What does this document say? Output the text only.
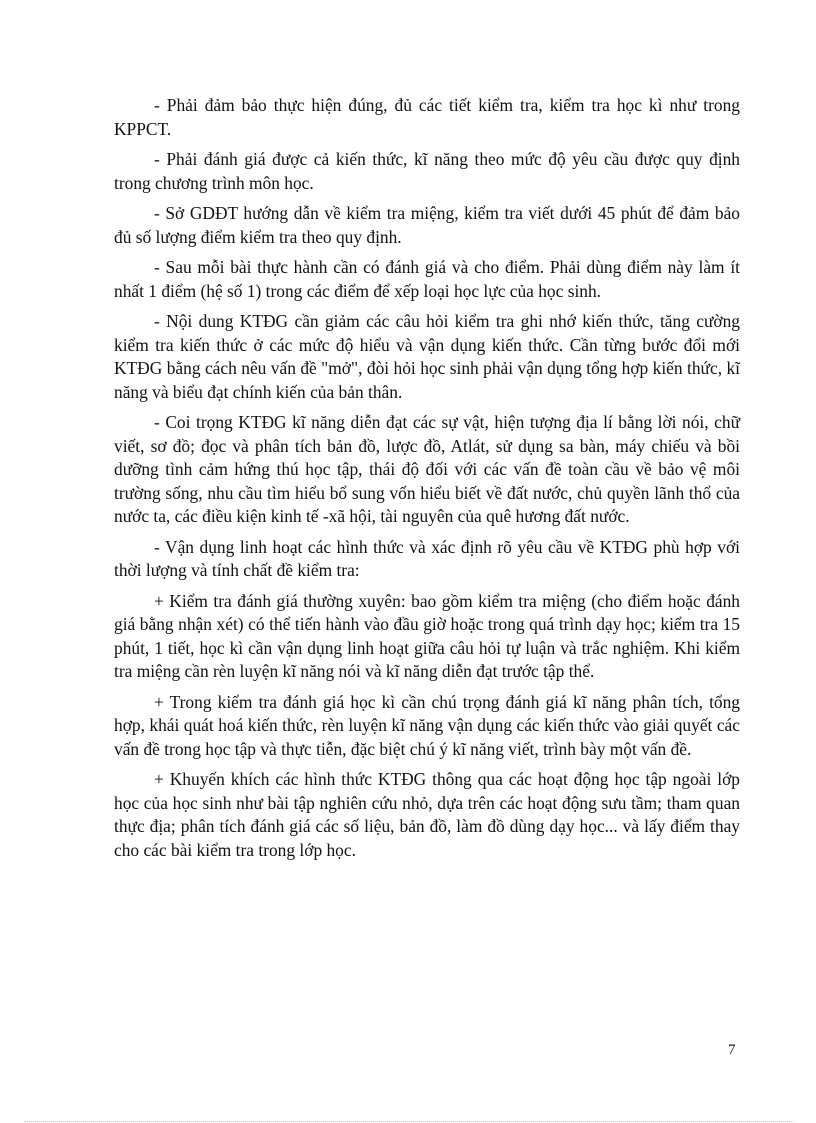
- Phải đảm bảo thực hiện đúng, đủ các tiết kiểm tra, kiểm tra học kì như trong KPPCT.

- Phải đánh giá được cả kiến thức, kĩ năng theo mức độ yêu cầu được quy định trong chương trình môn học.

- Sở GDĐT hướng dẫn về kiểm tra miệng, kiểm tra viết dưới 45 phút để đảm bảo đủ số lượng điểm kiểm tra theo quy định.

- Sau mỗi bài thực hành cần có đánh giá và cho điểm. Phải dùng điểm này làm ít nhất 1 điểm (hệ số 1) trong các điểm để xếp loại học lực của học sinh.

- Nội dung KTĐG cần giảm các câu hỏi kiểm tra ghi nhớ kiến thức, tăng cường kiểm tra kiến thức ở các mức độ hiểu và vận dụng kiến thức. Cần từng bước đổi mới KTĐG bằng cách nêu vấn đề "mở", đòi hỏi học sinh phải vận dụng tổng hợp kiến thức, kĩ năng và biểu đạt chính kiến của bản thân.

- Coi trọng KTĐG kĩ năng diễn đạt các sự vật, hiện tượng địa lí bằng lời nói, chữ viết, sơ đồ; đọc và phân tích bản đồ, lược đồ, Atlát, sử dụng sa bàn, máy chiếu và bồi dưỡng tình cảm hứng thú học tập, thái độ đối với các vấn đề toàn cầu về bảo vệ môi trường sống, nhu cầu tìm hiểu bổ sung vốn hiểu biết về đất nước, chủ quyền lãnh thổ của nước ta, các điều kiện kinh tế -xã hội, tài nguyên của quê hương đất nước.

- Vận dụng linh hoạt các hình thức và xác định rõ yêu cầu về KTĐG phù hợp với thời lượng và tính chất đề kiểm tra:

+ Kiểm tra đánh giá thường xuyên: bao gồm kiểm tra miệng (cho điểm hoặc đánh giá bằng nhận xét) có thể tiến hành vào đầu giờ hoặc trong quá trình dạy học; kiểm tra 15 phút, 1 tiết, học kì cần vận dụng linh hoạt giữa câu hỏi tự luận và trắc nghiệm. Khi kiểm tra miệng cần rèn luyện kĩ năng nói và kĩ năng diễn đạt trước tập thể.

+ Trong kiểm tra đánh giá học kì cần chú trọng đánh giá kĩ năng phân tích, tổng hợp, khái quát hoá kiến thức, rèn luyện kĩ năng vận dụng các kiến thức vào giải quyết các vấn đề trong học tập và thực tiễn, đặc biệt chú ý kĩ năng viết, trình bày một vấn đề.

+ Khuyến khích các hình thức KTĐG thông qua các hoạt động học tập ngoài lớp học của học sinh như bài tập nghiên cứu nhỏ, dựa trên các hoạt động sưu tầm; tham quan thực địa; phân tích đánh giá các số liệu, bản đồ, làm đồ dùng dạy học... và lấy điểm thay cho các bài kiểm tra trong lớp học.

7
